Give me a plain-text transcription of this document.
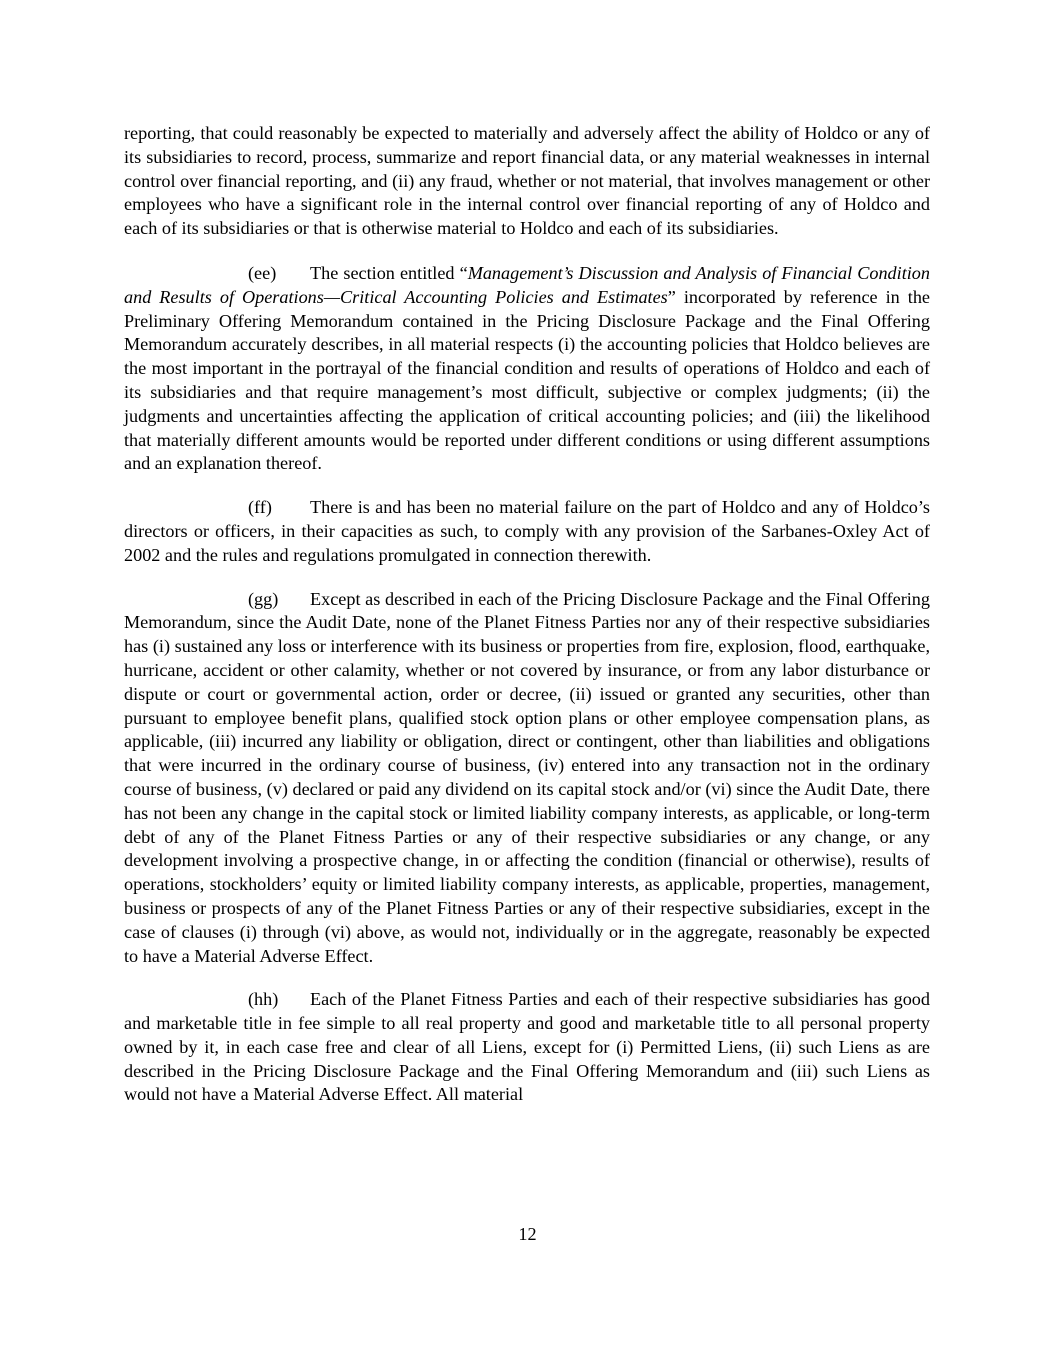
reporting, that could reasonably be expected to materially and adversely affect the ability of Holdco or any of its subsidiaries to record, process, summarize and report financial data, or any material weaknesses in internal control over financial reporting, and (ii) any fraud, whether or not material, that involves management or other employees who have a significant role in the internal control over financial reporting of any of Holdco and each of its subsidiaries or that is otherwise material to Holdco and each of its subsidiaries.

(ee) The section entitled “Management’s Discussion and Analysis of Financial Condition and Results of Operations—Critical Accounting Policies and Estimates” incorporated by reference in the Preliminary Offering Memorandum contained in the Pricing Disclosure Package and the Final Offering Memorandum accurately describes, in all material respects (i) the accounting policies that Holdco believes are the most important in the portrayal of the financial condition and results of operations of Holdco and each of its subsidiaries and that require management’s most difficult, subjective or complex judgments; (ii) the judgments and uncertainties affecting the application of critical accounting policies; and (iii) the likelihood that materially different amounts would be reported under different conditions or using different assumptions and an explanation thereof.

(ff) There is and has been no material failure on the part of Holdco and any of Holdco’s directors or officers, in their capacities as such, to comply with any provision of the Sarbanes-Oxley Act of 2002 and the rules and regulations promulgated in connection therewith.

(gg) Except as described in each of the Pricing Disclosure Package and the Final Offering Memorandum, since the Audit Date, none of the Planet Fitness Parties nor any of their respective subsidiaries has (i) sustained any loss or interference with its business or properties from fire, explosion, flood, earthquake, hurricane, accident or other calamity, whether or not covered by insurance, or from any labor disturbance or dispute or court or governmental action, order or decree, (ii) issued or granted any securities, other than pursuant to employee benefit plans, qualified stock option plans or other employee compensation plans, as applicable, (iii) incurred any liability or obligation, direct or contingent, other than liabilities and obligations that were incurred in the ordinary course of business, (iv) entered into any transaction not in the ordinary course of business, (v) declared or paid any dividend on its capital stock and/or (vi) since the Audit Date, there has not been any change in the capital stock or limited liability company interests, as applicable, or long-term debt of any of the Planet Fitness Parties or any of their respective subsidiaries or any change, or any development involving a prospective change, in or affecting the condition (financial or otherwise), results of operations, stockholders’ equity or limited liability company interests, as applicable, properties, management, business or prospects of any of the Planet Fitness Parties or any of their respective subsidiaries, except in the case of clauses (i) through (vi) above, as would not, individually or in the aggregate, reasonably be expected to have a Material Adverse Effect.

(hh) Each of the Planet Fitness Parties and each of their respective subsidiaries has good and marketable title in fee simple to all real property and good and marketable title to all personal property owned by it, in each case free and clear of all Liens, except for (i) Permitted Liens, (ii) such Liens as are described in the Pricing Disclosure Package and the Final Offering Memorandum and (iii) such Liens as would not have a Material Adverse Effect. All material

12
